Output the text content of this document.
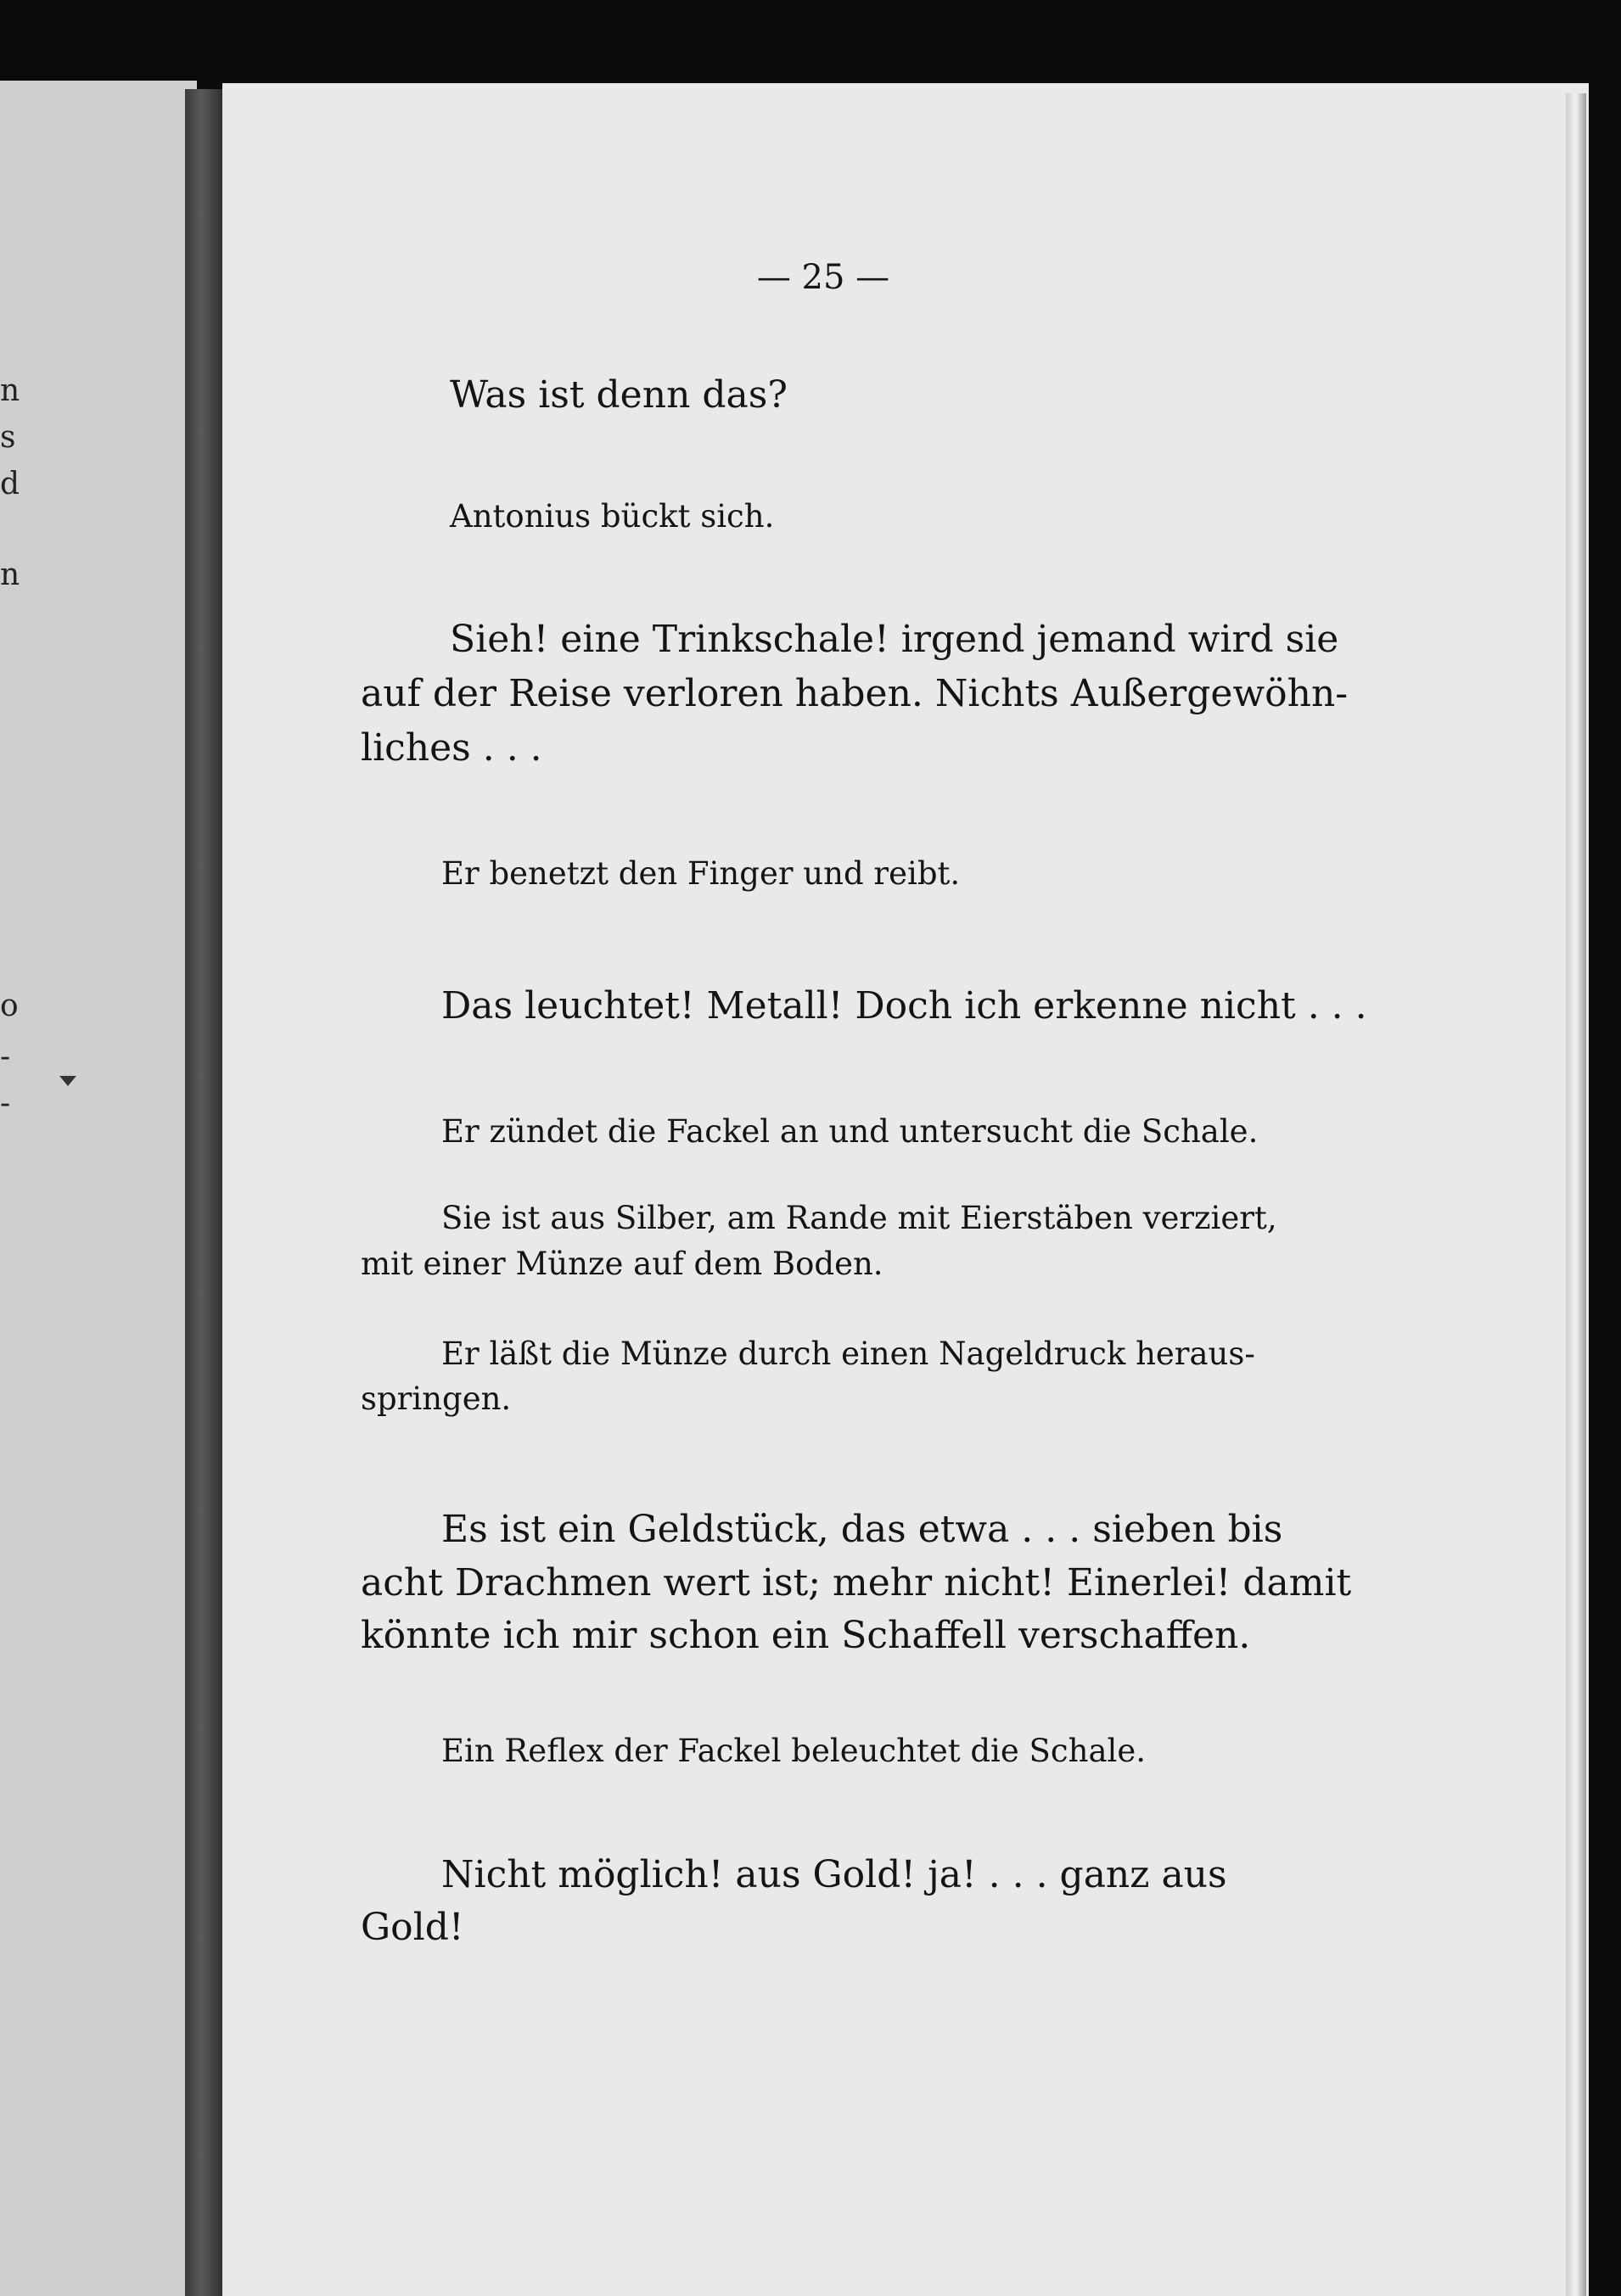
n
s
d
n
o
-
-

— 25 —

Was ist denn das?

Antonius bückt sich.

Sieh! eine Trinkschale! irgend jemand wird sie

auf der Reise verloren haben. Nichts Außergewöhn-

liches . . .

Er benetzt den Finger und reibt.

Das leuchtet! Metall! Doch ich erkenne nicht . . .

Er zündet die Fackel an und untersucht die Schale.

Sie ist aus Silber, am Rande mit Eierstäben verziert,

mit einer Münze auf dem Boden.

Er läßt die Münze durch einen Nageldruck heraus-

springen.

Es ist ein Geldstück, das etwa . . . sieben bis

acht Drachmen wert ist; mehr nicht! Einerlei! damit

könnte ich mir schon ein Schaffell verschaffen.

Ein Reflex der Fackel beleuchtet die Schale.

Nicht möglich! aus Gold! ja! . . . ganz aus

Gold!
